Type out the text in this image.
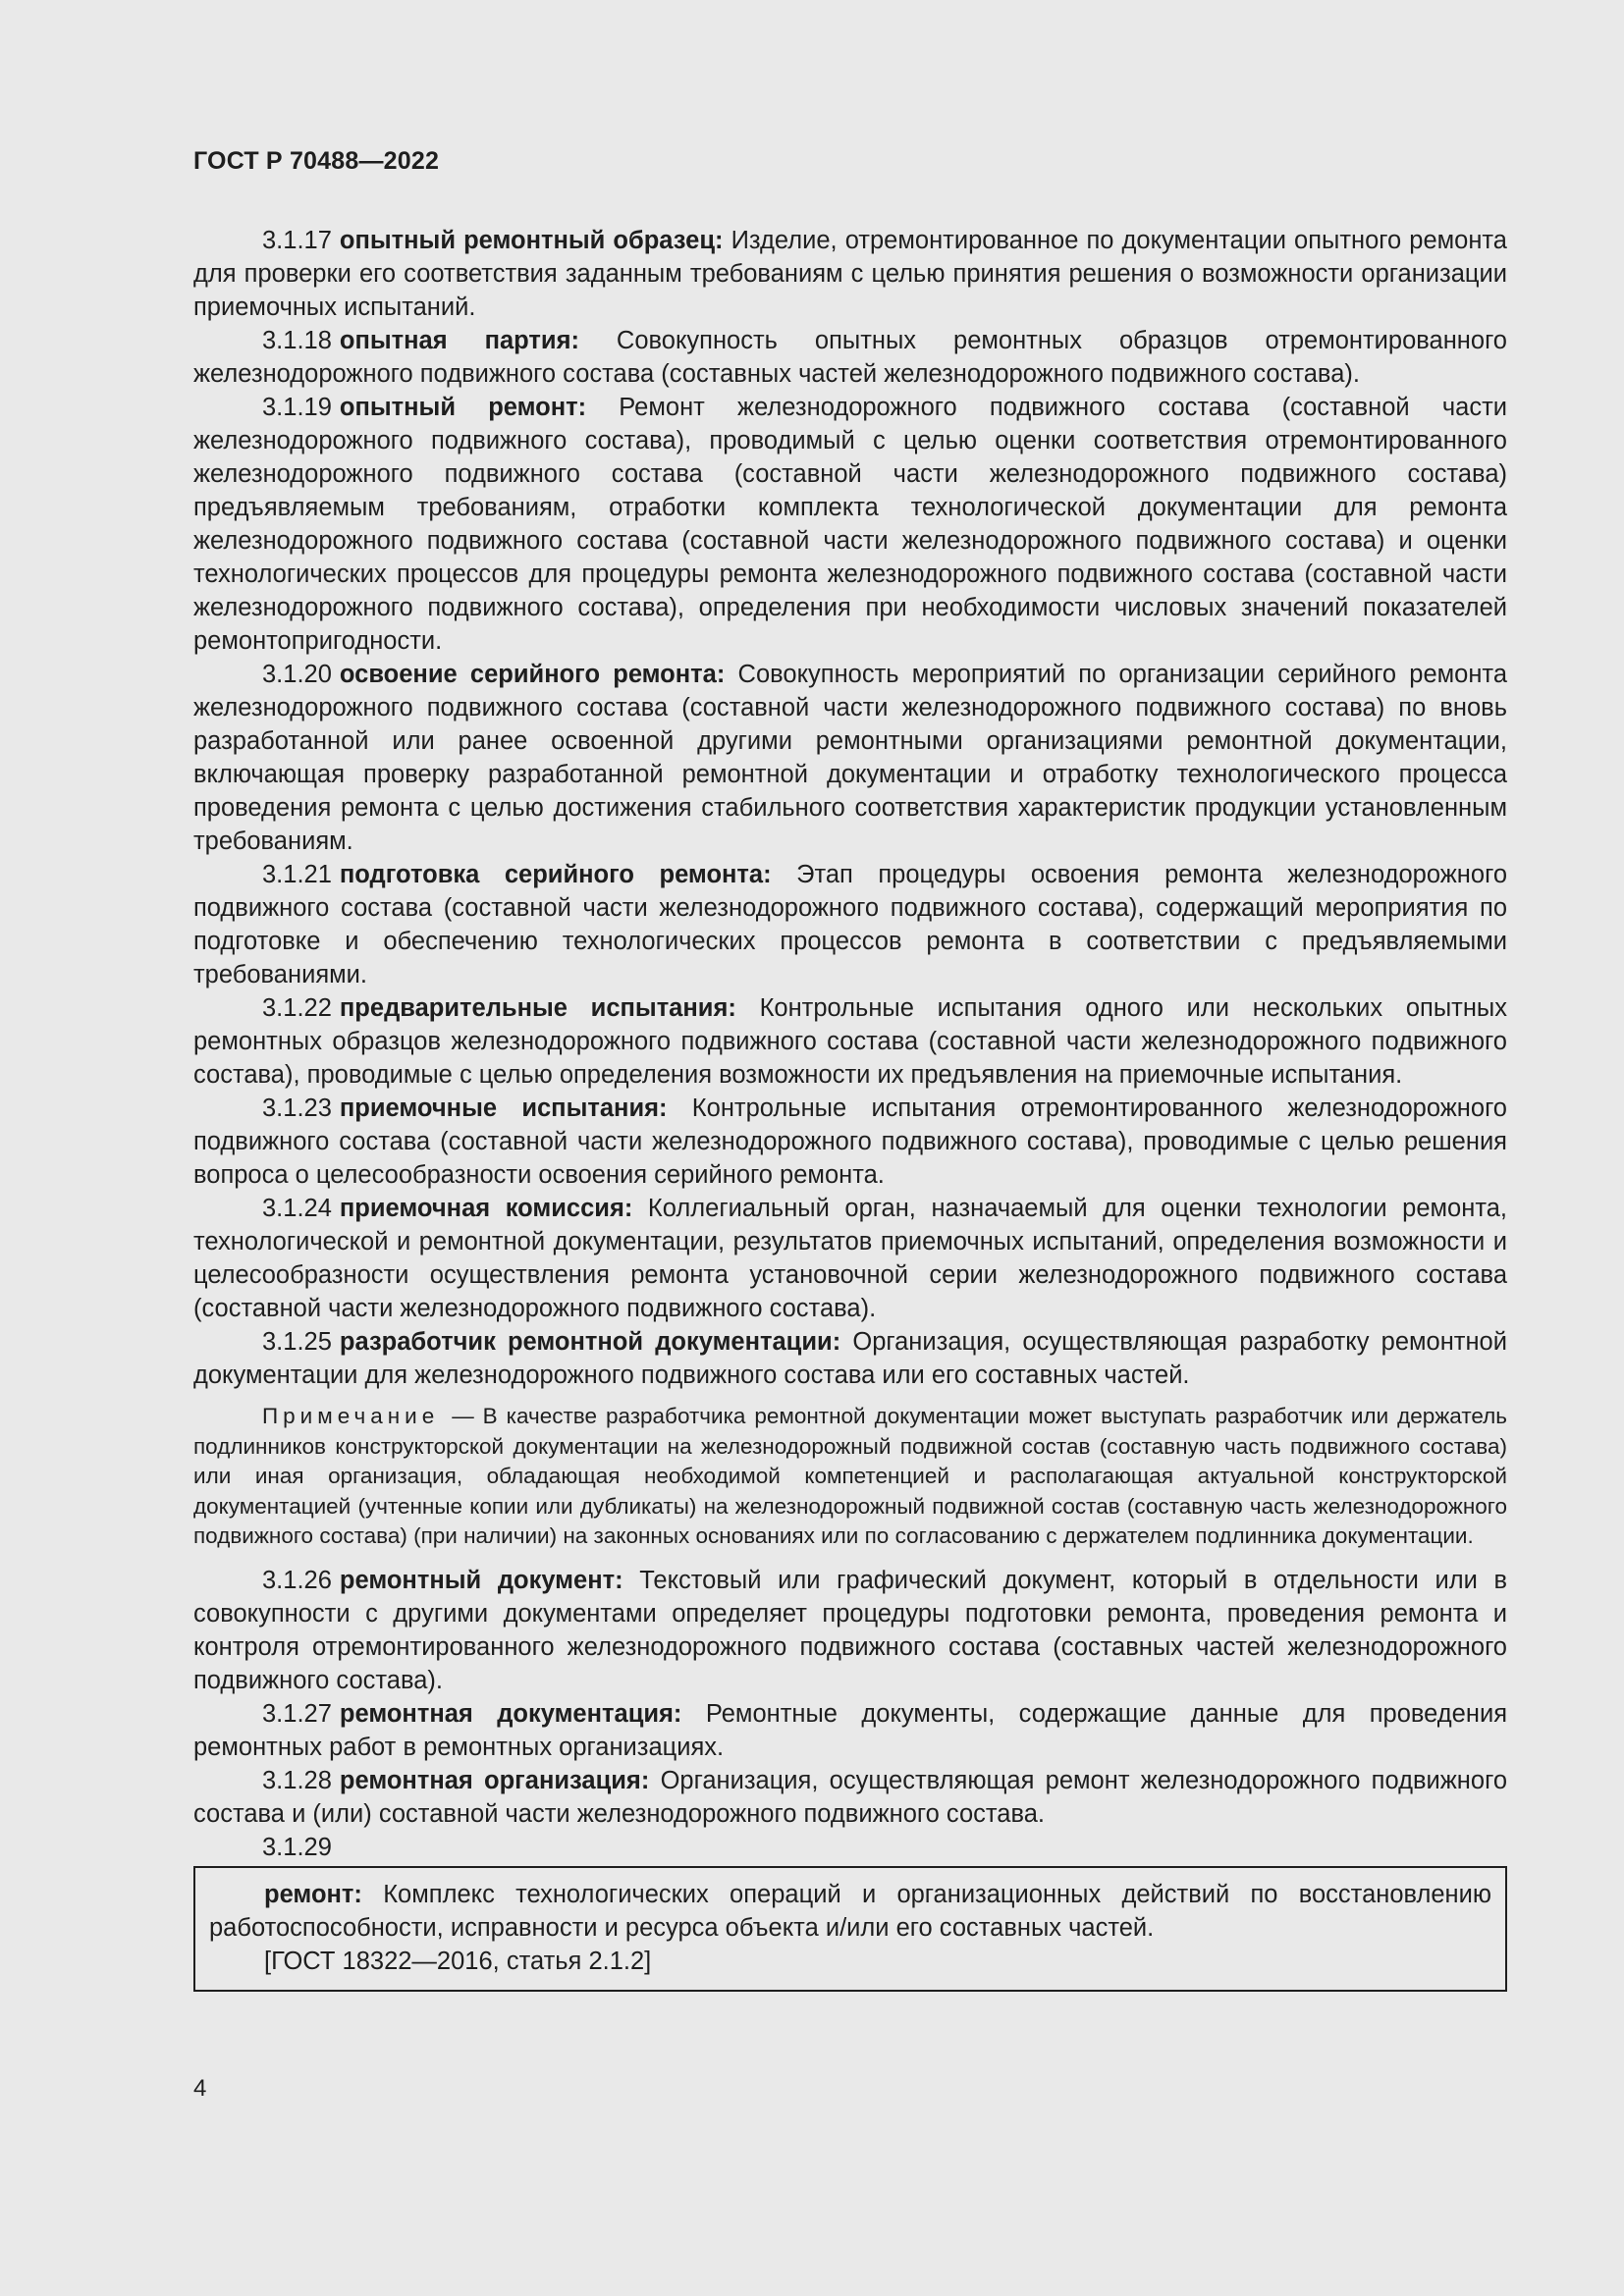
ГОСТ Р 70488—2022

3.1.17 опытный ремонтный образец: Изделие, отремонтированное по документации опытного ремонта для проверки его соответствия заданным требованиям с целью принятия решения о возможности организации приемочных испытаний.

3.1.18 опытная партия: Совокупность опытных ремонтных образцов отремонтированного железнодорожного подвижного состава (составных частей железнодорожного подвижного состава).

3.1.19 опытный ремонт: Ремонт железнодорожного подвижного состава (составной части железнодорожного подвижного состава), проводимый с целью оценки соответствия отремонтированного железнодорожного подвижного состава (составной части железнодорожного подвижного состава) предъявляемым требованиям, отработки комплекта технологической документации для ремонта железнодорожного подвижного состава (составной части железнодорожного подвижного состава) и оценки технологических процессов для процедуры ремонта железнодорожного подвижного состава (составной части железнодорожного подвижного состава), определения при необходимости числовых значений показателей ремонтопригодности.

3.1.20 освоение серийного ремонта: Совокупность мероприятий по организации серийного ремонта железнодорожного подвижного состава (составной части железнодорожного подвижного состава) по вновь разработанной или ранее освоенной другими ремонтными организациями ремонтной документации, включающая проверку разработанной ремонтной документации и отработку технологического процесса проведения ремонта с целью достижения стабильного соответствия характеристик продукции установленным требованиям.

3.1.21 подготовка серийного ремонта: Этап процедуры освоения ремонта железнодорожного подвижного состава (составной части железнодорожного подвижного состава), содержащий мероприятия по подготовке и обеспечению технологических процессов ремонта в соответствии с предъявляемыми требованиями.

3.1.22 предварительные испытания: Контрольные испытания одного или нескольких опытных ремонтных образцов железнодорожного подвижного состава (составной части железнодорожного подвижного состава), проводимые с целью определения возможности их предъявления на приемочные испытания.

3.1.23 приемочные испытания: Контрольные испытания отремонтированного железнодорожного подвижного состава (составной части железнодорожного подвижного состава), проводимые с целью решения вопроса о целесообразности освоения серийного ремонта.

3.1.24 приемочная комиссия: Коллегиальный орган, назначаемый для оценки технологии ремонта, технологической и ремонтной документации, результатов приемочных испытаний, определения возможности и целесообразности осуществления ремонта установочной серии железнодорожного подвижного состава (составной части железнодорожного подвижного состава).

3.1.25 разработчик ремонтной документации: Организация, осуществляющая разработку ремонтной документации для железнодорожного подвижного состава или его составных частей.

Примечание — В качестве разработчика ремонтной документации может выступать разработчик или держатель подлинников конструкторской документации на железнодорожный подвижной состав (составную часть подвижного состава) или иная организация, обладающая необходимой компетенцией и располагающая актуальной конструкторской документацией (учтенные копии или дубликаты) на железнодорожный подвижной состав (составную часть железнодорожного подвижного состава) (при наличии) на законных основаниях или по согласованию с держателем подлинника документации.

3.1.26 ремонтный документ: Текстовый или графический документ, который в отдельности или в совокупности с другими документами определяет процедуры подготовки ремонта, проведения ремонта и контроля отремонтированного железнодорожного подвижного состава (составных частей железнодорожного подвижного состава).

3.1.27 ремонтная документация: Ремонтные документы, содержащие данные для проведения ремонтных работ в ремонтных организациях.

3.1.28 ремонтная организация: Организация, осуществляющая ремонт железнодорожного подвижного состава и (или) составной части железнодорожного подвижного состава.

3.1.29

ремонт: Комплекс технологических операций и организационных действий по восстановлению работоспособности, исправности и ресурса объекта и/или его составных частей.

[ГОСТ 18322—2016, статья 2.1.2]

4
